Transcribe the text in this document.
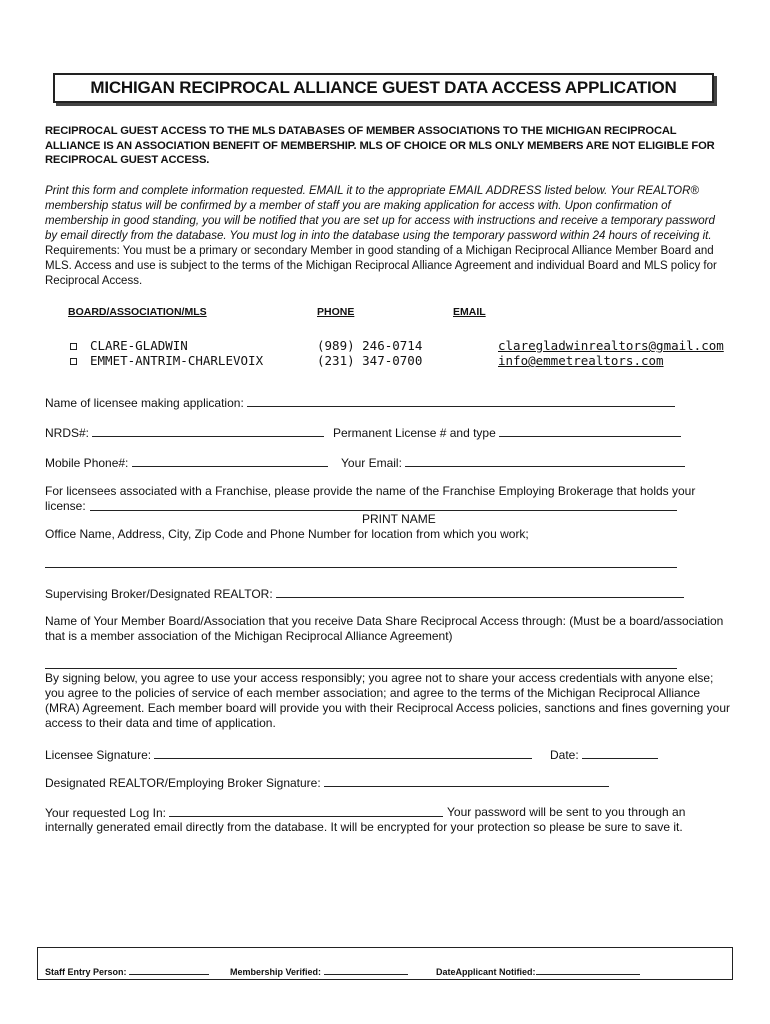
MICHIGAN RECIPROCAL ALLIANCE GUEST DATA ACCESS APPLICATION
RECIPROCAL GUEST ACCESS TO THE MLS DATABASES OF MEMBER ASSOCIATIONS TO THE MICHIGAN RECIPROCAL ALLIANCE IS AN ASSOCIATION BENEFIT OF MEMBERSHIP. MLS OF CHOICE OR MLS ONLY MEMBERS ARE NOT ELIGIBLE FOR RECIPROCAL GUEST ACCESS.
Print this form and complete information requested. EMAIL it to the appropriate EMAIL ADDRESS listed below. Your REALTOR® membership status will be confirmed by a member of staff you are making application for access with. Upon confirmation of membership in good standing, you will be notified that you are set up for access with instructions and receive a temporary password by email directly from the database. You must log in into the database using the temporary password within 24 hours of receiving it. Requirements: You must be a primary or secondary Member in good standing of a Michigan Reciprocal Alliance Member Board and MLS. Access and use is subject to the terms of the Michigan Reciprocal Alliance Agreement and individual Board and MLS policy for Reciprocal Access.
BOARD/ASSOCIATION/MLS	PHONE	EMAIL
CLARE-GLADWIN	(989) 246-0714	claregladwinrealtors@gmail.com
EMMET-ANTRIM-CHARLEVOIX	(231) 347-0700	info@emmetrealtors.com
Name of licensee making application:
NRDS#:	Permanent License # and type
Mobile Phone#:	Your Email:
For licensees associated with a Franchise, please provide the name of the Franchise Employing Brokerage that holds your license:
PRINT NAME
Office Name, Address, City, Zip Code and Phone Number for location from which you work;
Supervising Broker/Designated REALTOR:
Name of Your Member Board/Association that you receive Data Share Reciprocal Access through: (Must be a board/association that is a member association of the Michigan Reciprocal Alliance Agreement)
By signing below, you agree to use your access responsibly; you agree not to share your access credentials with anyone else; you agree to the policies of service of each member association; and agree to the terms of the Michigan Reciprocal Alliance (MRA) Agreement. Each member board will provide you with their Reciprocal Access policies, sanctions and fines governing your access to their data and time of application.
Licensee Signature:	Date:
Designated REALTOR/Employing Broker Signature:
Your requested Log In:	Your password will be sent to you through an internally generated email directly from the database. It will be encrypted for your protection so please be sure to save it.
Staff Entry Person:	Membership Verified:	DateApplicant Notified:
